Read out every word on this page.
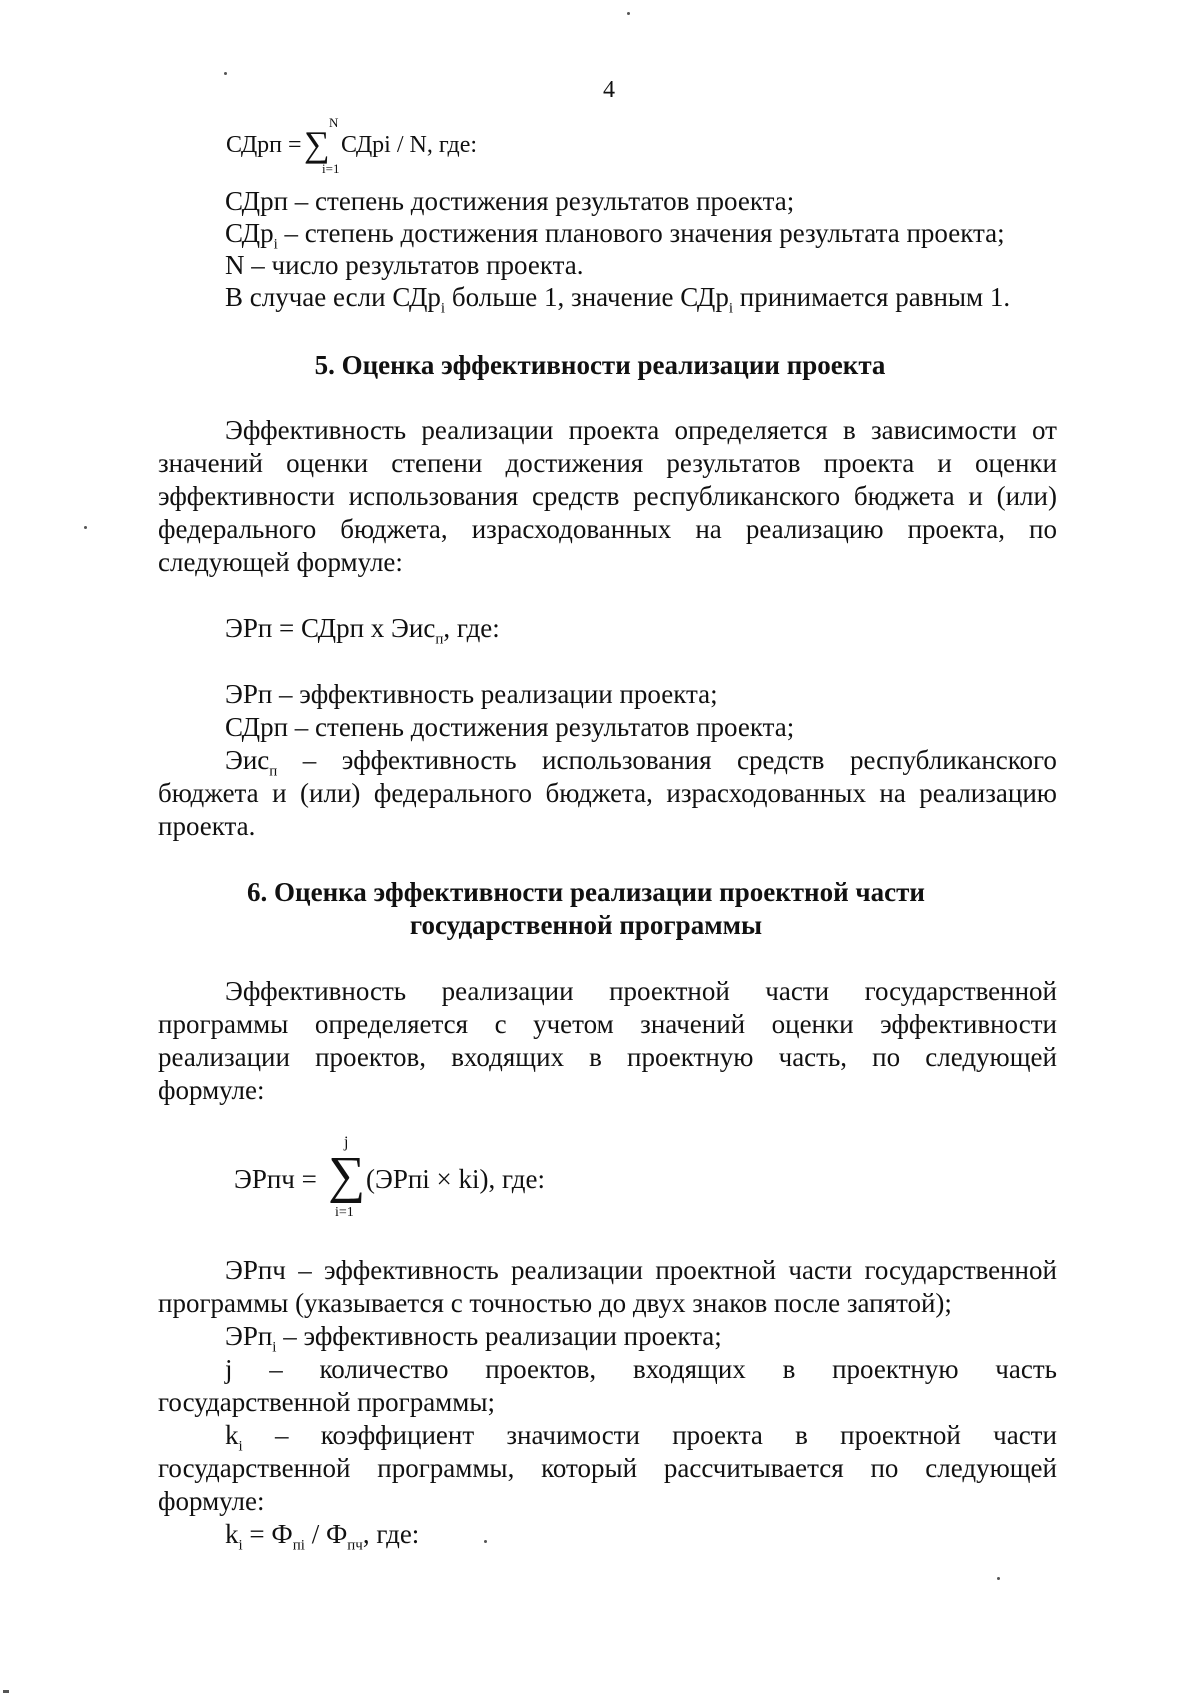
4
СДрп = ∑
N
i=1
СДрi / N, где:
СДрп – степень достижения результатов проекта;
СДр$_i$ – степень достижения планового значения результата проекта;
N – число результатов проекта.
В случае если СДр$_i$ больше 1, значение СДр$_i$ принимается равным 1.
5. Оценка эффективности реализации проекта
Эффективность реализации проекта определяется в зависимости от
значений оценки степени достижения результатов проекта и оценки
эффективности использования средств республиканского бюджета и (или)
федерального бюджета, израсходованных на реализацию проекта, по
следующей формуле:
ЭРп = СДрп х Эис$_п$, где:
ЭРп – эффективность реализации проекта;
СДрп – степень достижения результатов проекта;
Эис$_п$ – эффективность использования средств республиканского
бюджета и (или) федерального бюджета, израсходованных на реализацию
проекта.
6. Оценка эффективности реализации проектной части
государственной программы
Эффективность реализации проектной части государственной
программы определяется с учетом значений оценки эффективности
реализации проектов, входящих в проектную часть, по следующей
формуле:
ЭРпч = ∑
j
i=1
(ЭРпi × ki), где:
ЭРпч – эффективность реализации проектной части государственной
программы (указывается с точностью до двух знаков после запятой);
ЭРп$_i$ – эффективность реализации проекта;
j – количество проектов, входящих в проектную часть
государственной программы;
$k_i$ – коэффициент значимости проекта в проектной части
государственной программы, который рассчитывается по следующей
формуле:
$k_i = Ф_{пi} / Ф_{пч}$, где:
